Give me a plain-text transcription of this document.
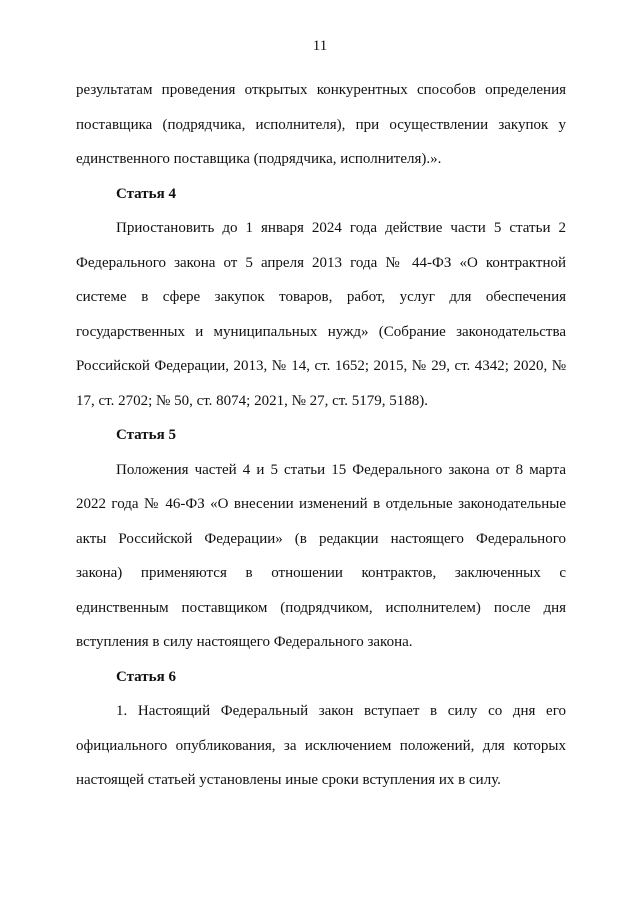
11

результатам проведения открытых конкурентных способов определения поставщика (подрядчика, исполнителя), при осуществлении закупок у единственного поставщика (подрядчика, исполнителя).».

Статья 4

Приостановить до 1 января 2024 года действие части 5 статьи 2 Федерального закона от 5 апреля 2013 года № 44-ФЗ «О контрактной системе в сфере закупок товаров, работ, услуг для обеспечения государственных и муниципальных нужд» (Собрание законодательства Российской Федерации, 2013, № 14, ст. 1652; 2015, № 29, ст. 4342; 2020, № 17, ст. 2702; № 50, ст. 8074; 2021, № 27, ст. 5179, 5188).

Статья 5

Положения частей 4 и 5 статьи 15 Федерального закона от 8 марта 2022 года № 46-ФЗ «О внесении изменений в отдельные законодательные акты Российской Федерации» (в редакции настоящего Федерального закона) применяются в отношении контрактов, заключенных с единственным поставщиком (подрядчиком, исполнителем) после дня вступления в силу настоящего Федерального закона.

Статья 6

1. Настоящий Федеральный закон вступает в силу со дня его официального опубликования, за исключением положений, для которых настоящей статьей установлены иные сроки вступления их в силу.
